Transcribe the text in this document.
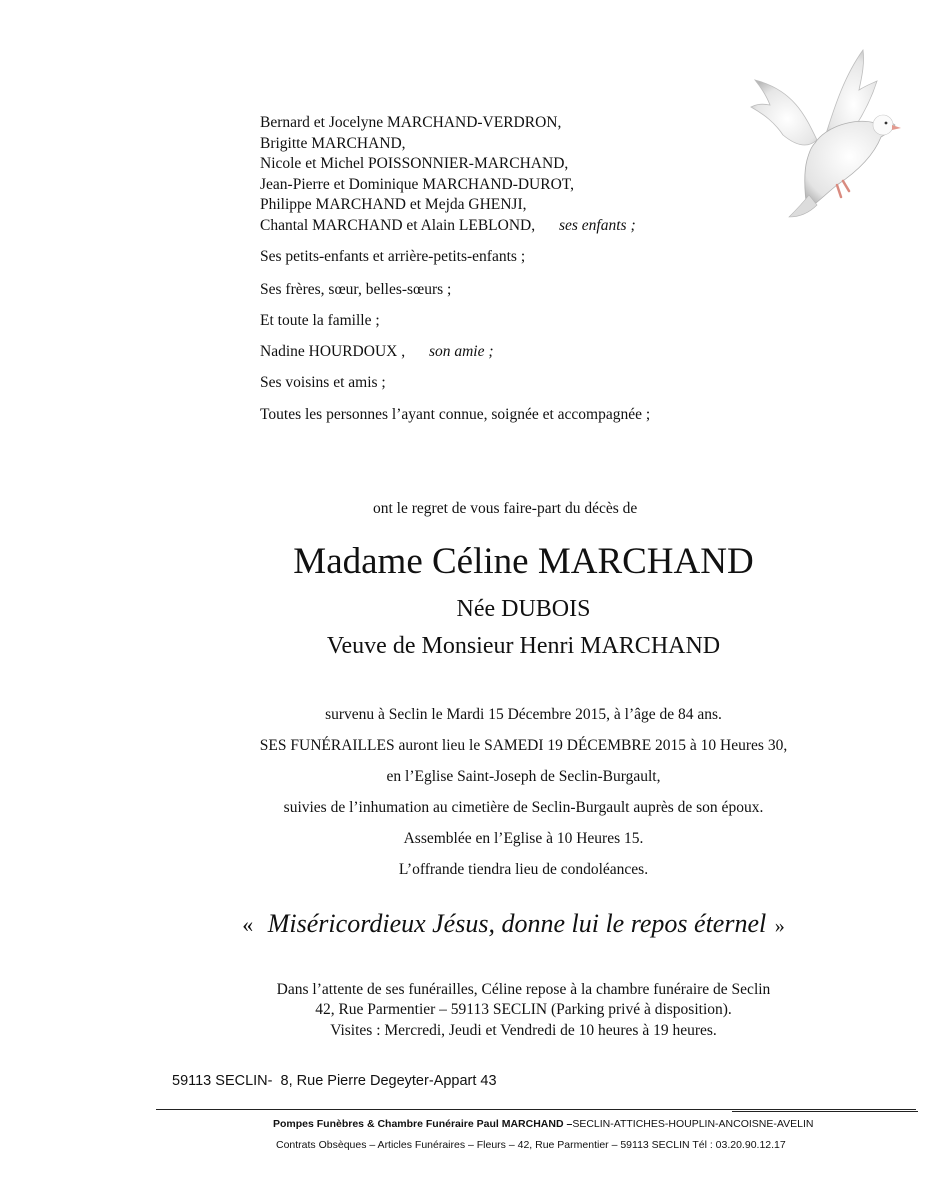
Bernard et Jocelyne MARCHAND-VERDRON,
Brigitte MARCHAND,
Nicole et Michel POISSONNIER-MARCHAND,
Jean-Pierre et Dominique MARCHAND-DUROT,
Philippe MARCHAND et Mejda GHENJI,
Chantal MARCHAND et Alain LEBLOND, ses enfants ;
Ses petits-enfants et arrière-petits-enfants ;
Ses frères, sœur, belles-sœurs ;
Et toute la famille ;
Nadine HOURDOUX , son amie ;
Ses voisins et amis ;
Toutes les personnes l’ayant connue, soignée et accompagnée ;
ont le regret de vous faire-part du décès de
Madame Céline MARCHAND
Née DUBOIS
Veuve de Monsieur Henri MARCHAND
survenu à Seclin le Mardi 15 Décembre 2015, à l’âge de 84 ans.
SES FUNÉRAILLES auront lieu le SAMEDI 19 DÉCEMBRE 2015 à 10 Heures 30,
en l’Eglise Saint-Joseph de Seclin-Burgault,
suivies de l’inhumation au cimetière de Seclin-Burgault auprès de son époux.
Assemblée en l’Eglise à 10 Heures 15.
L’offrande tiendra lieu de condoléances.
« Miséricordieux Jésus, donne lui le repos éternel »
Dans l’attente de ses funérailles, Céline repose à la chambre funéraire de Seclin
42, Rue Parmentier – 59113 SECLIN (Parking privé à disposition).
Visites : Mercredi, Jeudi et Vendredi de 10 heures à 19 heures.
59113 SECLIN-  8, Rue Pierre Degeyter-Appart 43
Pompes Funèbres & Chambre Funéraire Paul MARCHAND –SECLIN-ATTICHES-HOUPLIN-ANCOISNE-AVELIN
Contrats Obsèques – Articles Funéraires – Fleurs – 42, Rue Parmentier – 59113 SECLIN Tél : 03.20.90.12.17
